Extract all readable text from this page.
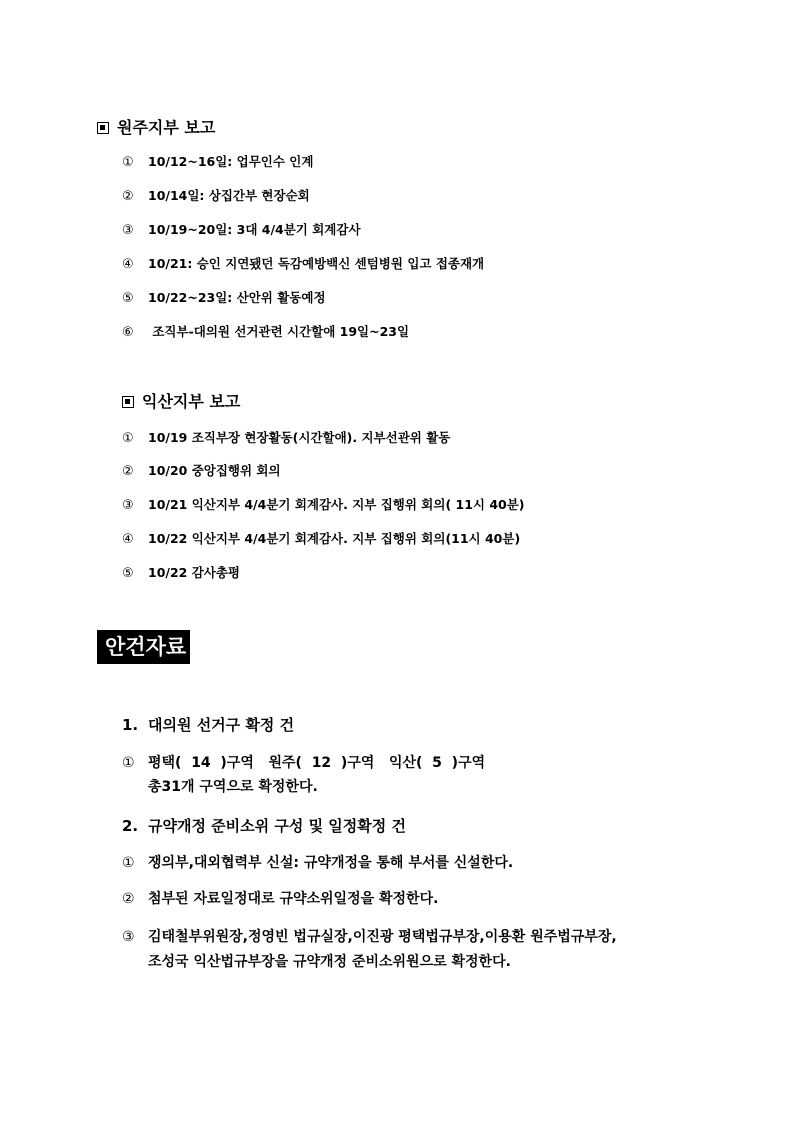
원주지부 보고
① 10/12~16일: 업무인수 인계
② 10/14일: 상집간부 현장순회
③ 10/19~20일: 3대 4/4분기 회계감사
④ 10/21: 승인 지연됐던 독감예방백신 센텀병원 입고 접종재개
⑤ 10/22~23일: 산안위 활동예정
⑥ 조직부-대의원 선거관련 시간할애 19일~23일
익산지부 보고
① 10/19 조직부장 현장활동(시간할애). 지부선관위 활동
② 10/20 중앙집행위 회의
③ 10/21 익산지부 4/4분기 회계감사. 지부 집행위 회의( 11시 40분)
④ 10/22 익산지부 4/4분기 회계감사. 지부 집행위 회의(11시 40분)
⑤ 10/22 감사총평
안건자료
1. 대의원 선거구 확정 건
① 평택(  14  )구역   원주(  12  )구역   익산(  5  )구역
총31개 구역으로 확정한다.
2. 규약개정 준비소위 구성 및 일정확정 건
① 쟁의부,대외협력부 신설: 규약개정을 통해 부서를 신설한다.
② 첨부된 자료일정대로 규약소위일정을 확정한다.
③ 김태철부위원장,정영빈 법규실장,이진광 평택법규부장,이용환 원주법규부장,
조성국 익산법규부장을 규약개정 준비소위원으로 확정한다.
